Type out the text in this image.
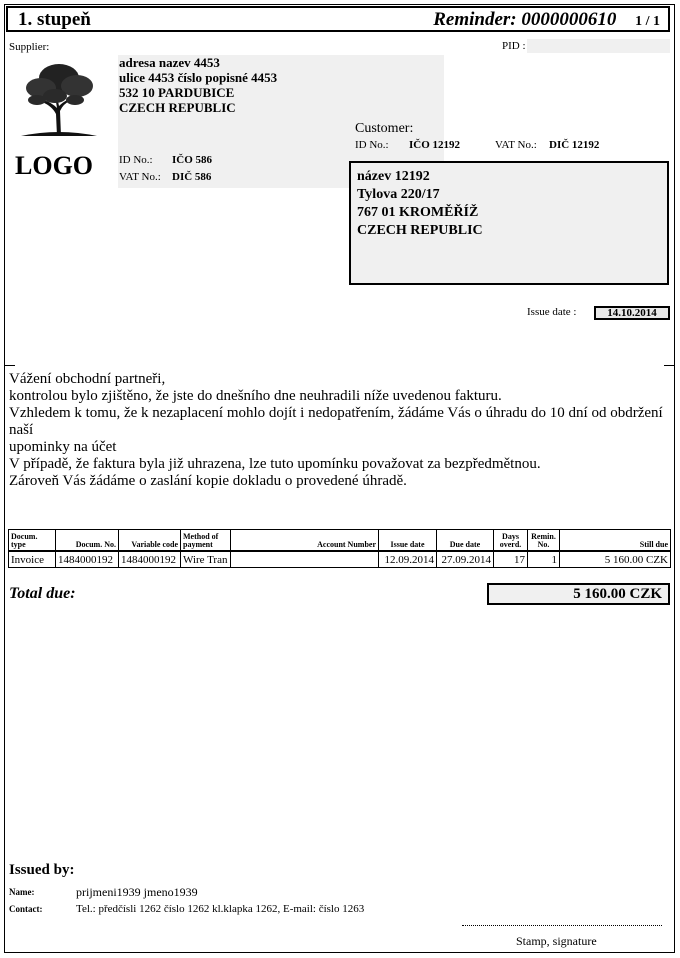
1. stupeň	Reminder: 0000000610 1 / 1
Supplier:	PID :
adresa nazev 4453
ulice 4453 číslo popisné 4453
532 10 PARDUBICE
CZECH REPUBLIC
LOGO ID No.: IČO 586
VAT No.: DIČ 586
Customer:
ID No.: IČO 12192	VAT No.: DIČ 12192
název 12192
Tylova 220/17
767 01 KROMĚŘÍŽ
CZECH REPUBLIC
Issue date :	14.10.2014
Vážení obchodní partneři,
kontrolou bylo zjištěno, že jste do dnešního dne neuhradili níže uvedenou fakturu.
Vzhledem k tomu, že k nezaplacení mohlo dojít i nedopatřením, žádáme Vás o úhradu do 10 dní od obdržení naší
upominky na účet
V případě, že faktura byla již uhrazena, lze tuto upomínku považovat za bezpředmětnou.
Zároveň Vás žádáme o zaslání kopie dokladu o provedené úhradě.
Docum. type	Docum. No.	Variable code	Method of payment	Account Number	Issue date	Due date	Days overd.	Remin. No.	Still due
Invoice	1484000192	1484000192	Wire Tran		12.09.2014	27.09.2014	17	1	5 160.00 CZK
Total due:	5 160.00 CZK
Issued by:
Name:	prijmeni1939 jmeno1939
Contact:	Tel.: předčísli 1262 číslo 1262 kl.klapka 1262, E-mail: číslo 1263
Stamp, signature
